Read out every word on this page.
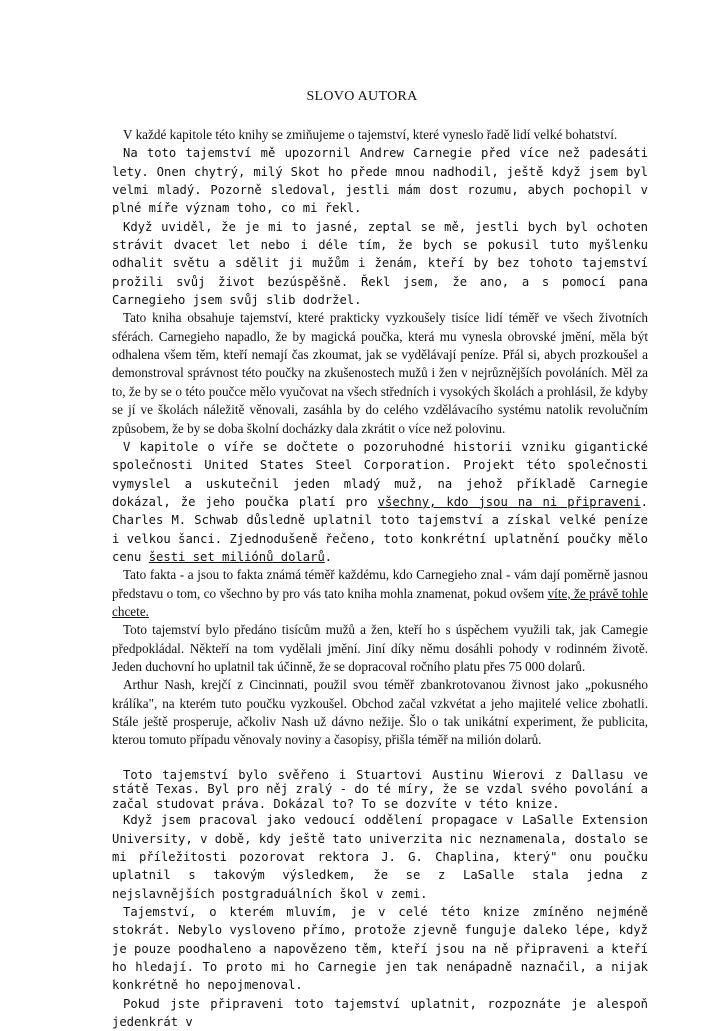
SLOVO AUTORA

V každé kapitole této knihy se zmiňujeme o tajemství, které vyneslo řadě lidí velké bohatství.

Na toto tajemství mě upozornil Andrew Carnegie před více než padesáti lety. Onen chytrý, milý Skot ho přede mnou nadhodil, ještě když jsem byl velmi mladý. Pozorně sledoval, jestli mám dost rozumu, abych pochopil v plné míře význam toho, co mi řekl.

Když uviděl, že je mi to jasné, zeptal se mě, jestli bych byl ochoten strávit dvacet let nebo i déle tím, že bych se pokusil tuto myšlenku odhalit světu a sdělit ji mužům i ženám, kteří by bez tohoto tajemství prožili svůj život bezúspěšně. Řekl jsem, že ano, a s pomocí pana Carnegieho jsem svůj slib dodržel.

Tato kniha obsahuje tajemství, které prakticky vyzkoušely tisíce lidí téměř ve všech životních sférách. Carnegieho napadlo, že by magická poučka, která mu vynesla obrovské jmění, měla být odhalena všem těm, kteří nemají čas zkoumat, jak se vydělávají peníze. Přál si, abych prozkoušel a demonstroval správnost této poučky na zkušenostech mužů i žen v nejrůznějších povoláních. Měl za to, že by se o této poučce mělo vyučovat na všech středních i vysokých školách a prohlásil, že kdyby se jí ve školách náležitě věnovali, zasáhla by do celého vzdělávacího systému natolik revolučním způsobem, že by se doba školní docházky dala zkrátit o více než polovinu.

V kapitole o víře se dočtete o pozoruhodné historii vzniku gigantické společnosti United States Steel Corporation. Projekt této společnosti vymyslel a uskutečnil jeden mladý muž, na jehož příkladě Carnegie dokázal, že jeho poučka platí pro všechny, kdo jsou na ni připraveni. Charles M. Schwab důsledně uplatnil toto tajemství a získal velké peníze i velkou šanci. Zjednodušeně řečeno, toto konkrétní uplatnění poučky mělo cenu šesti set miliónů dolarů.

Tato fakta - a jsou to fakta známá téměř každému, kdo Carnegieho znal - vám dají poměrně jasnou představu o tom, co všechno by pro vás tato kniha mohla znamenat, pokud ovšem víte, že právě tohle chcete.

Toto tajemství bylo předáno tisícům mužů a žen, kteří ho s úspěchem využili tak, jak Camegie předpokládal. Někteří na tom vydělali jmění. Jiní díky němu dosáhli pohody v rodinném životě. Jeden duchovní ho uplatnil tak účinně, že se dopracoval ročního platu přes 75 000 dolarů.

Arthur Nash, krejčí z Cincinnati, použil svou téměř zbankrotovanou živnost jako „pokusného králíka", na kterém tuto poučku vyzkoušel. Obchod začal vzkvétat a jeho majitelé velice zbohatli. Stále ještě prosperuje, ačkoliv Nash už dávno nežije. Šlo o tak unikátní experiment, že publicita, kterou tomuto případu věnovaly noviny a časopisy, přišla téměř na milión dolarů.

Toto tajemství bylo svěřeno i Stuartovi Austinu Wierovi z Dallasu ve státě Texas. Byl pro něj zralý - do té míry, že se vzdal svého povolání a začal studovat práva. Dokázal to? To se dozvíte v této knize.

Když jsem pracoval jako vedoucí oddělení propagace v LaSalle Extension University, v době, kdy ještě tato univerzita nic neznamenala, dostalo se mi příležitosti pozorovat rektora J. G. Chaplina, který" onu poučku uplatnil s takovým výsledkem, že se z LaSalle stala jedna z nejslavnějších postgraduálních škol v zemi.

Tajemství, o kterém mluvím, je v celé této knize zmíněno nejméně stokrát. Nebylo vysloveno přímo, protože zjevně funguje daleko lépe, když je pouze poodhaleno a napovězeno těm, kteří jsou na ně připraveni a kteří ho hledají. To proto mi ho Carnegie jen tak nenápadně naznačil, a nijak konkrétně ho nepojmenoval.

Pokud jste připraveni toto tajemství uplatnit, rozpoznáte je alespoň jedenkrát v
